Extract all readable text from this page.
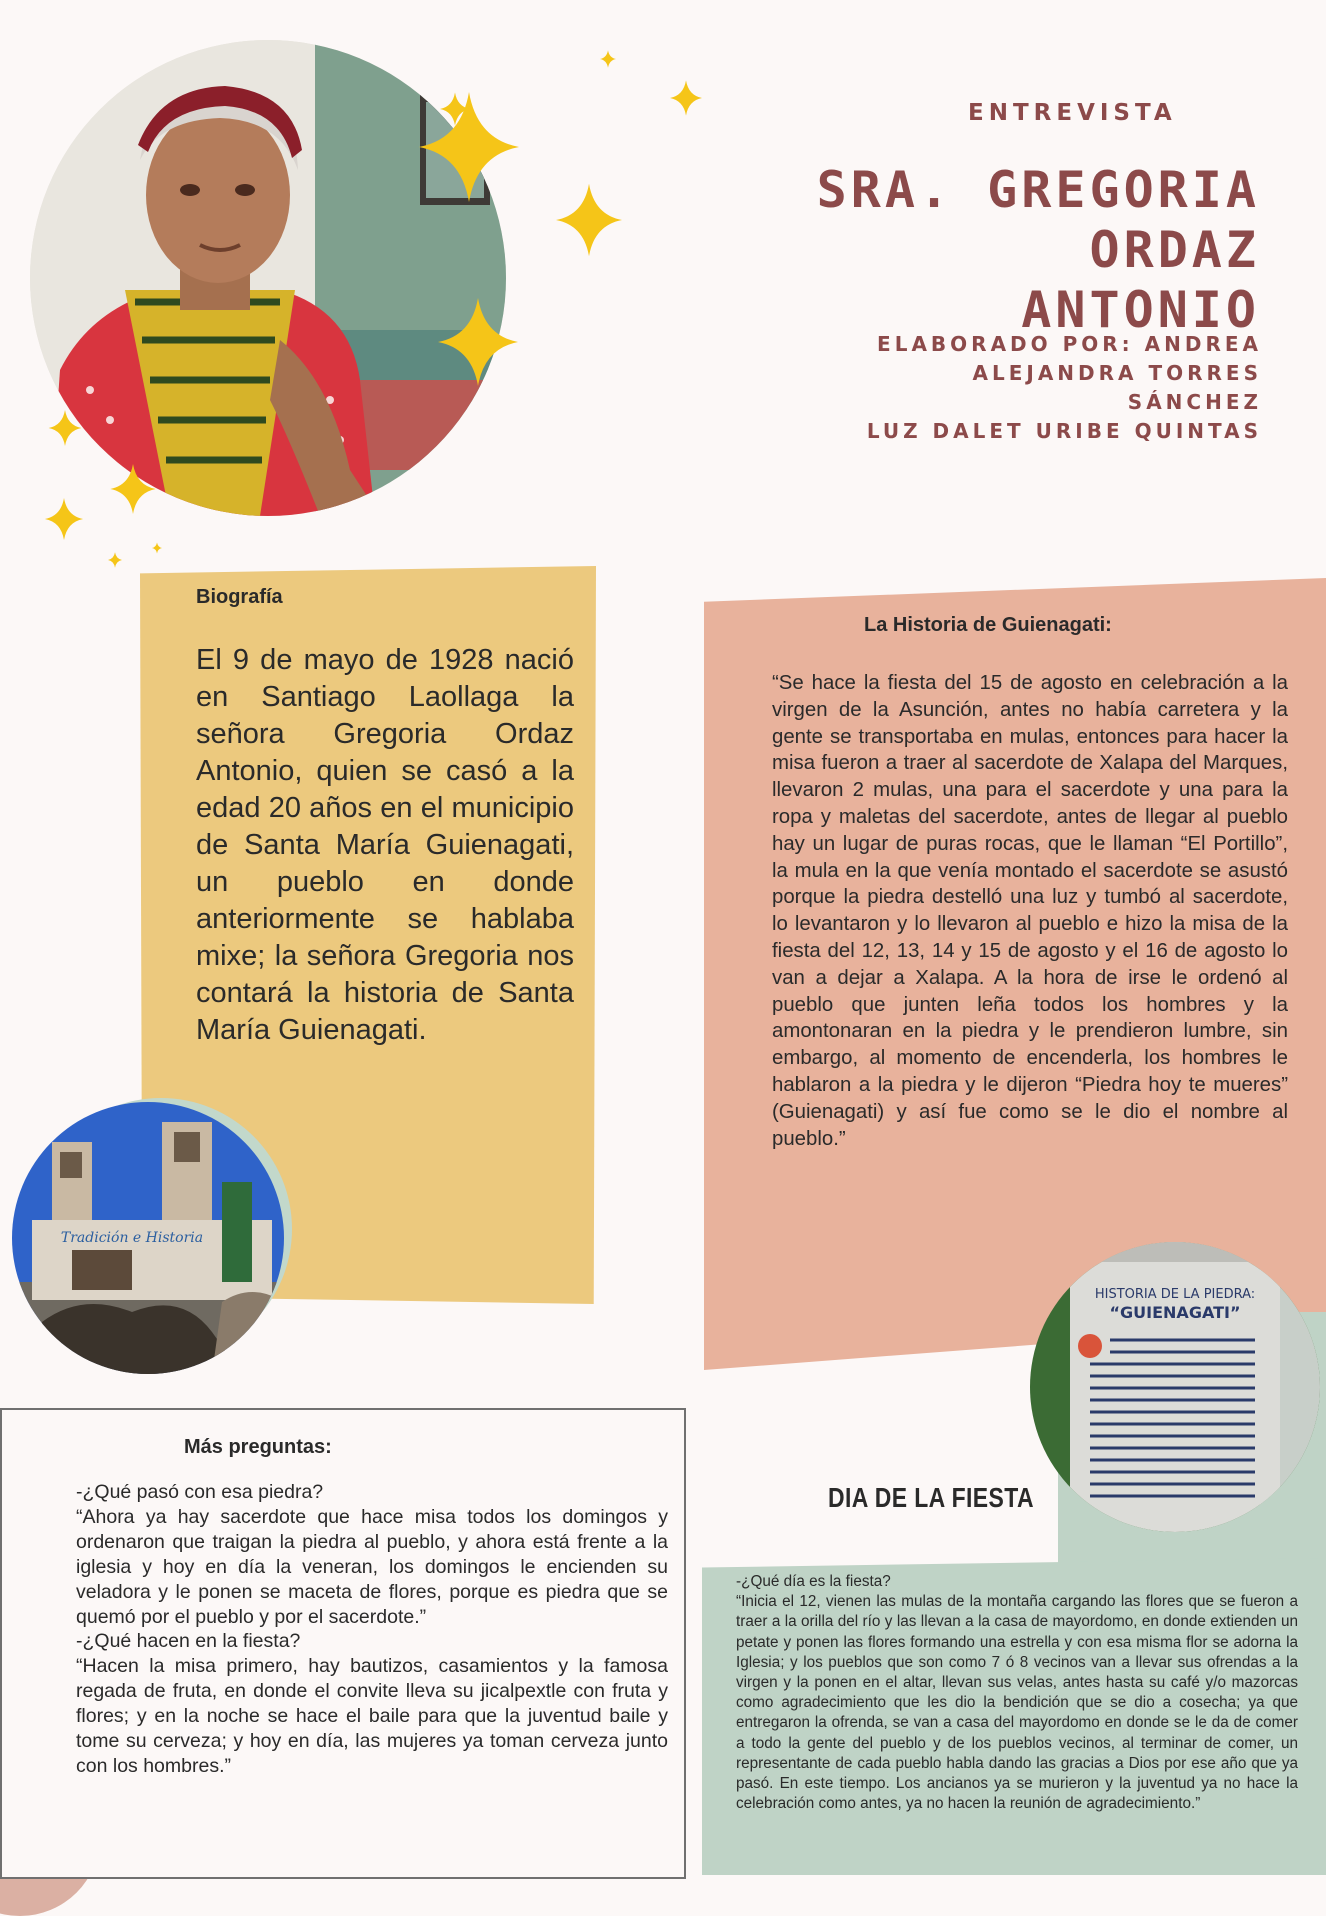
ENTREVISTA
SRA. GREGORIA ORDAZ
ANTONIO
ELABORADO POR: ANDREA
ALEJANDRA TORRES
SÁNCHEZ
LUZ DALET URIBE QUINTAS
Biografía
El 9 de mayo de 1928 nació en Santiago Laollaga la señora Gregoria Ordaz Antonio, quien se casó a la edad 20 años en el municipio de Santa María Guienagati, un pueblo en donde anteriormente se hablaba mixe; la señora Gregoria nos contará la historia de Santa María Guienagati.
La Historia de Guienagati:
“Se hace la fiesta del 15 de agosto en celebración a la virgen de la Asunción, antes no había carretera y la gente se transportaba en mulas, entonces para hacer la misa fueron a traer al sacerdote de Xalapa del Marques, llevaron 2 mulas, una para el sacerdote y una para la ropa y maletas del sacerdote, antes de llegar al pueblo hay un lugar de puras rocas, que le llaman “El Portillo”, la mula en la que venía montado el sacerdote se asustó porque la piedra destelló una luz y tumbó al sacerdote, lo levantaron y lo llevaron al pueblo e hizo la misa de la fiesta del 12, 13, 14 y 15 de agosto y el 16 de agosto lo van a dejar a Xalapa. A la hora de irse le ordenó al pueblo que junten leña todos los hombres y la amontonaran en la piedra y le prendieron lumbre, sin embargo, al momento de encenderla, los hombres le hablaron a la piedra y le dijeron “Piedra hoy te mueres” (Guienagati) y así fue como se le dio el nombre al pueblo.”
Tradición e Historia
Más preguntas:

-¿Qué pasó con esa piedra?

“Ahora ya hay sacerdote que hace misa todos los domingos y ordenaron que traigan la piedra al pueblo, y ahora está frente a la iglesia y hoy en día la veneran, los domingos le encienden su veladora y le ponen se maceta de flores, porque es piedra que se quemó por el pueblo y por el sacerdote.”

-¿Qué hacen en la fiesta?

“Hacen la misa primero, hay bautizos, casamientos y la famosa regada de fruta, en donde el convite lleva su jicalpextle con fruta y flores; y en la noche se hace el baile para que la juventud baile y tome su cerveza; y hoy en día, las mujeres ya toman cerveza junto con los hombres.”

DIA DE LA FIESTA

-¿Qué día es la fiesta?

“Inicia el 12, vienen las mulas de la montaña cargando las flores que se fueron a traer a la orilla del río y las llevan a la casa de mayordomo, en donde extienden un petate y ponen las flores formando una estrella y con esa misma flor se adorna la Iglesia; y los pueblos que son como 7 ó 8 vecinos van a llevar sus ofrendas a la virgen y la ponen en el altar, llevan sus velas, antes hasta su café y/o mazorcas como agradecimiento que les dio la bendición que se dio a cosecha; ya que entregaron la ofrenda, se van a casa del mayordomo en donde se le da de comer a todo la gente del pueblo y de los pueblos vecinos, al terminar de comer, un representante de cada pueblo habla dando las gracias a Dios por ese año que ya pasó. En este tiempo. Los ancianos ya se murieron y la juventud ya no hace la celebración como antes, ya no hacen la reunión de agradecimiento.”

HISTORIA DE LA PIEDRA:
“GUIENAGATI”
